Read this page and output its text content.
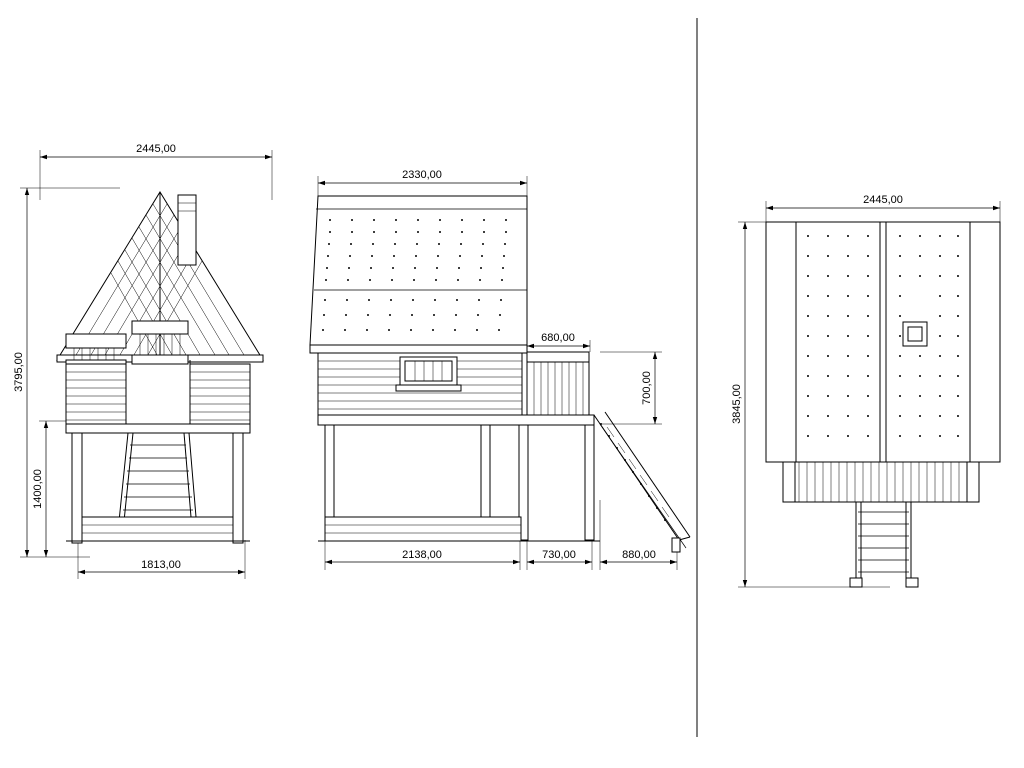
2445,00
3795,00
1400,00
1813,00
2330,00
680,00
700,00
2138,00	730,00	880,00
2445,00
3845,00
